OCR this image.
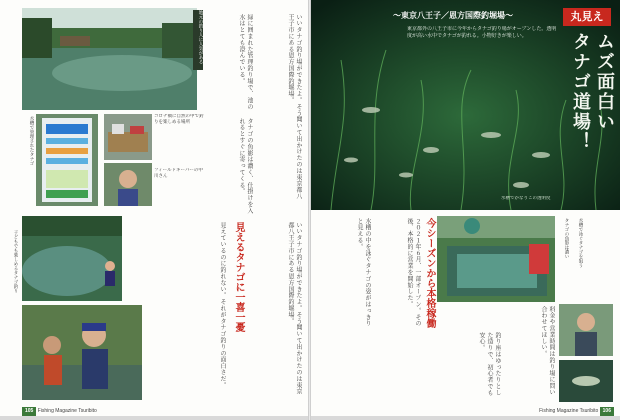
いいタナゴ釣り場ができたよ。そう聞いて出かけたのは東京都八王子市にある恩方国際釣堀場。
緑に囲まれた管理釣り場で、池の水はとても澄んでいる。
地元の釣り人に人気がある
水槽で管理されたタナゴ	コロナ禍に自然の中で釣りを楽しめる場所
フィールドキーパーの中川さん	タナゴの魚影は濃く、仕掛けを入れるとすぐに寄ってくる。
見えるタナゴに一喜一憂
見えているのに釣れない。それがタナゴ釣りの面白さだ。	いいタナゴ釣り場ができたよ。そう聞いて出かけたのは東京都八王子市にある恩方国際釣堀場。
子どもでも楽しめるタナゴ釣り
105 Fishing Magazine Tsuribito
～東京八王子／恩方国際釣堀場～
東京都外の八王子市に今年からタナゴ釣り場がオープンした。透明度が高い水中でタナゴが釣れる。小物好きが楽しい。
丸見え
ムズ面白い
タナゴ道場！
水槽でかなりこの透明度
今シーズンから本格稼働
２０２１年６月、一部オープン。その後、本格的に営業を開始した。
水槽の中を泳ぐタナゴの姿がはっきりと見える。
釣り座はゆったりとした造りで、初心者でも安心。	料金や営業時間は釣り場に問い合わせてほしい。
タナゴの魚影は濃い	水槽で泳ぐタナゴを狙う
Fishing Magazine Tsuribito 106
